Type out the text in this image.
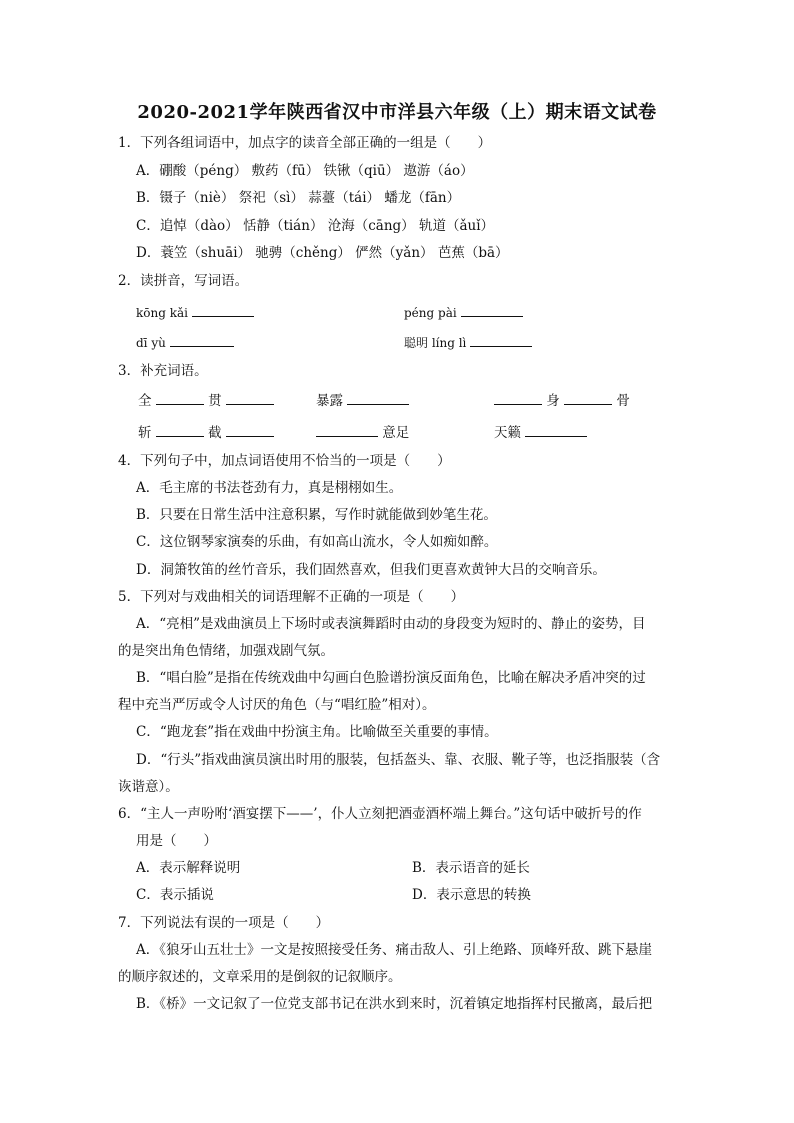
2020-2021学年陕西省汉中市洋县六年级（上）期末语文试卷
1．下列各组词语中，加点字的读音全部正确的一组是（　　）
A．硼酸（péng） 敷药（fū） 铁锹（qiū） 遨游（áo）
B．镊子（niè） 祭祀（sì） 蒜薹（tái） 蟠龙（fān）
C．追悼（dào） 恬静（tián） 沧海（cāng） 轨道（ǎuǐ）
D．蓑笠（shuāi） 驰骋（chěng） 俨然（yǎn） 芭蕉（bā）
2．读拼音，写词语。
kōng kǎi	péng pài
dī yù	聪明 líng lì
3．补充词语。
全	贯	暴露	身	骨
斩	截	意足	天籁
4．下列句子中，加点词语使用不恰当的一项是（　　）
A．毛主席的书法苍劲有力，真是栩栩如生。
B．只要在日常生活中注意积累，写作时就能做到妙笔生花。
C．这位钢琴家演奏的乐曲，有如高山流水，令人如痴如醉。
D．洞箫牧笛的丝竹音乐，我们固然喜欢，但我们更喜欢黄钟大吕的交响音乐。
5．下列对与戏曲相关的词语理解不正确的一项是（　　）
A．“亮相”是戏曲演员上下场时或表演舞蹈时由动的身段变为短时的、静止的姿势，目
的是突出角色情绪，加强戏剧气氛。
B．“唱白脸”是指在传统戏曲中勾画白色脸谱扮演反面角色，比喻在解决矛盾冲突的过
程中充当严厉或令人讨厌的角色（与“唱红脸”相对）。
C．“跑龙套”指在戏曲中扮演主角。比喻做至关重要的事情。
D．“行头”指戏曲演员演出时用的服装，包括盔头、靠、衣服、靴子等，也泛指服装（含
诙谐意）。
6．“主人一声吩咐‘酒宴摆下——’，仆人立刻把酒壶酒杯端上舞台。”这句话中破折号的作
用是（　　）
A．表示解释说明	B．表示语音的延长
C．表示插说	D．表示意思的转换
7．下列说法有误的一项是（　　）
A．《狼牙山五壮士》一文是按照接受任务、痛击敌人、引上绝路、顶峰歼敌、跳下悬崖
的顺序叙述的，文章采用的是倒叙的记叙顺序。
B．《桥》一文记叙了一位党支部书记在洪水到来时，沉着镇定地指挥村民撤离，最后把
